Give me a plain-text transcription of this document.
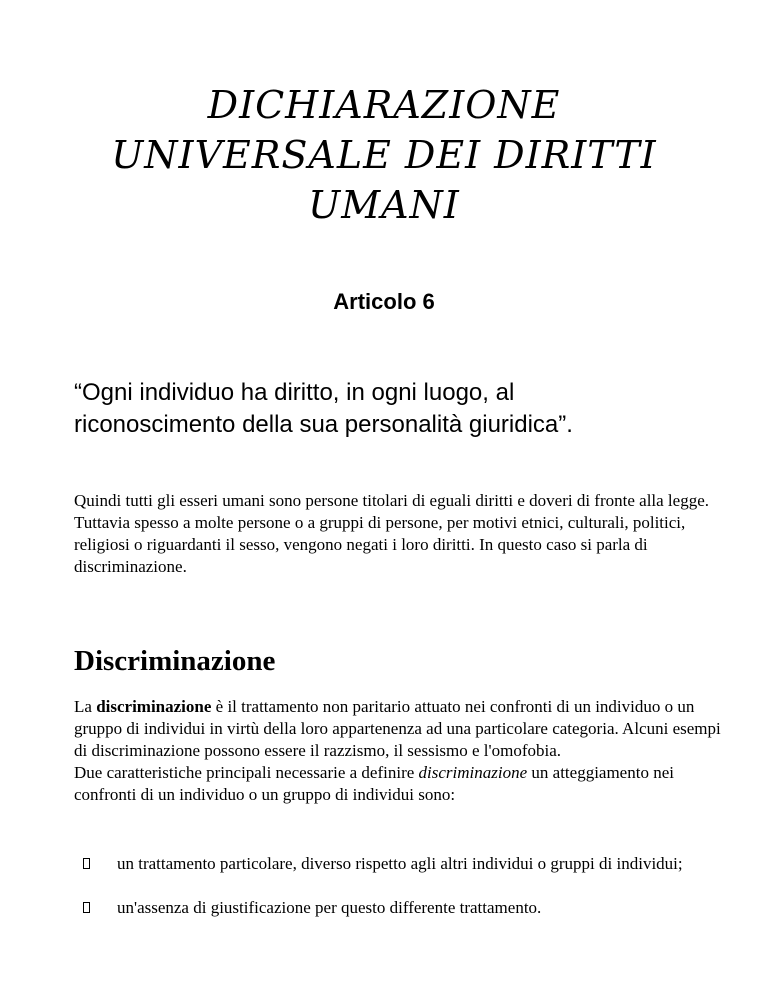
DICHIARAZIONE
UNIVERSALE DEI DIRITTI
UMANI
Articolo 6

“Ogni individuo ha diritto, in ogni luogo, al
riconoscimento della sua personalità giuridica”.

Quindi tutti gli esseri umani sono persone titolari di eguali diritti e doveri di fronte alla legge. Tuttavia spesso a molte persone o a gruppi di persone, per motivi etnici, culturali, politici, religiosi o riguardanti il sesso, vengono negati i loro diritti. In questo caso si parla di discriminazione.

Discriminazione
La discriminazione è il trattamento non paritario attuato nei confronti di un individuo o un gruppo di individui in virtù della loro appartenenza ad una particolare categoria. Alcuni esempi di discriminazione possono essere il razzismo, il sessismo e l'omofobia.
Due caratteristiche principali necessarie a definire discriminazione un atteggiamento nei confronti di un individuo o un gruppo di individui sono:
un trattamento particolare, diverso rispetto agli altri individui o gruppi di individui;
un'assenza di giustificazione per questo differente trattamento.
